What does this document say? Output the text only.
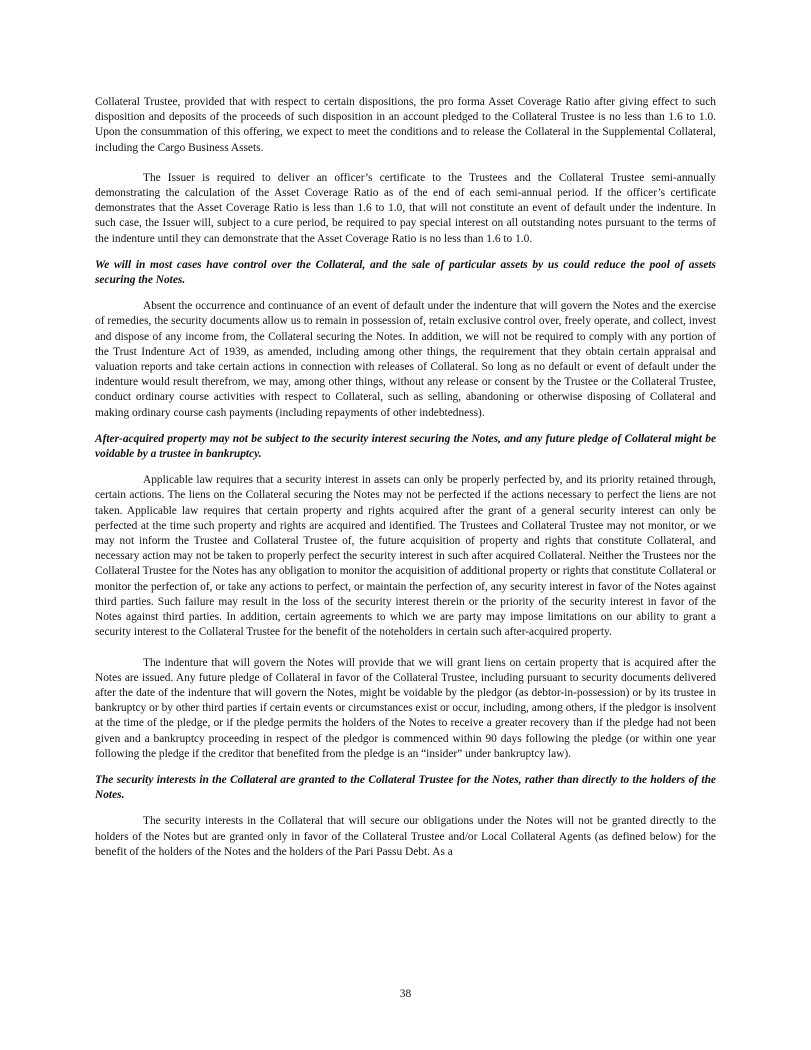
Collateral Trustee, provided that with respect to certain dispositions, the pro forma Asset Coverage Ratio after giving effect to such disposition and deposits of the proceeds of such disposition in an account pledged to the Collateral Trustee is no less than 1.6 to 1.0. Upon the consummation of this offering, we expect to meet the conditions and to release the Collateral in the Supplemental Collateral, including the Cargo Business Assets.

The Issuer is required to deliver an officer’s certificate to the Trustees and the Collateral Trustee semi-annually demonstrating the calculation of the Asset Coverage Ratio as of the end of each semi-annual period. If the officer’s certificate demonstrates that the Asset Coverage Ratio is less than 1.6 to 1.0, that will not constitute an event of default under the indenture. In such case, the Issuer will, subject to a cure period, be required to pay special interest on all outstanding notes pursuant to the terms of the indenture until they can demonstrate that the Asset Coverage Ratio is no less than 1.6 to 1.0.

We will in most cases have control over the Collateral, and the sale of particular assets by us could reduce the pool of assets securing the Notes.

Absent the occurrence and continuance of an event of default under the indenture that will govern the Notes and the exercise of remedies, the security documents allow us to remain in possession of, retain exclusive control over, freely operate, and collect, invest and dispose of any income from, the Collateral securing the Notes. In addition, we will not be required to comply with any portion of the Trust Indenture Act of 1939, as amended, including among other things, the requirement that they obtain certain appraisal and valuation reports and take certain actions in connection with releases of Collateral. So long as no default or event of default under the indenture would result therefrom, we may, among other things, without any release or consent by the Trustee or the Collateral Trustee, conduct ordinary course activities with respect to Collateral, such as selling, abandoning or otherwise disposing of Collateral and making ordinary course cash payments (including repayments of other indebtedness).

After-acquired property may not be subject to the security interest securing the Notes, and any future pledge of Collateral might be voidable by a trustee in bankruptcy.

Applicable law requires that a security interest in assets can only be properly perfected by, and its priority retained through, certain actions. The liens on the Collateral securing the Notes may not be perfected if the actions necessary to perfect the liens are not taken. Applicable law requires that certain property and rights acquired after the grant of a general security interest can only be perfected at the time such property and rights are acquired and identified. The Trustees and Collateral Trustee may not monitor, or we may not inform the Trustee and Collateral Trustee of, the future acquisition of property and rights that constitute Collateral, and necessary action may not be taken to properly perfect the security interest in such after acquired Collateral. Neither the Trustees nor the Collateral Trustee for the Notes has any obligation to monitor the acquisition of additional property or rights that constitute Collateral or monitor the perfection of, or take any actions to perfect, or maintain the perfection of, any security interest in favor of the Notes against third parties. Such failure may result in the loss of the security interest therein or the priority of the security interest in favor of the Notes against third parties. In addition, certain agreements to which we are party may impose limitations on our ability to grant a security interest to the Collateral Trustee for the benefit of the noteholders in certain such after-acquired property.

The indenture that will govern the Notes will provide that we will grant liens on certain property that is acquired after the Notes are issued. Any future pledge of Collateral in favor of the Collateral Trustee, including pursuant to security documents delivered after the date of the indenture that will govern the Notes, might be voidable by the pledgor (as debtor-in-possession) or by its trustee in bankruptcy or by other third parties if certain events or circumstances exist or occur, including, among others, if the pledgor is insolvent at the time of the pledge, or if the pledge permits the holders of the Notes to receive a greater recovery than if the pledge had not been given and a bankruptcy proceeding in respect of the pledgor is commenced within 90 days following the pledge (or within one year following the pledge if the creditor that benefited from the pledge is an “insider” under bankruptcy law).

The security interests in the Collateral are granted to the Collateral Trustee for the Notes, rather than directly to the holders of the Notes.

The security interests in the Collateral that will secure our obligations under the Notes will not be granted directly to the holders of the Notes but are granted only in favor of the Collateral Trustee and/or Local Collateral Agents (as defined below) for the benefit of the holders of the Notes and the holders of the Pari Passu Debt. As a

38
